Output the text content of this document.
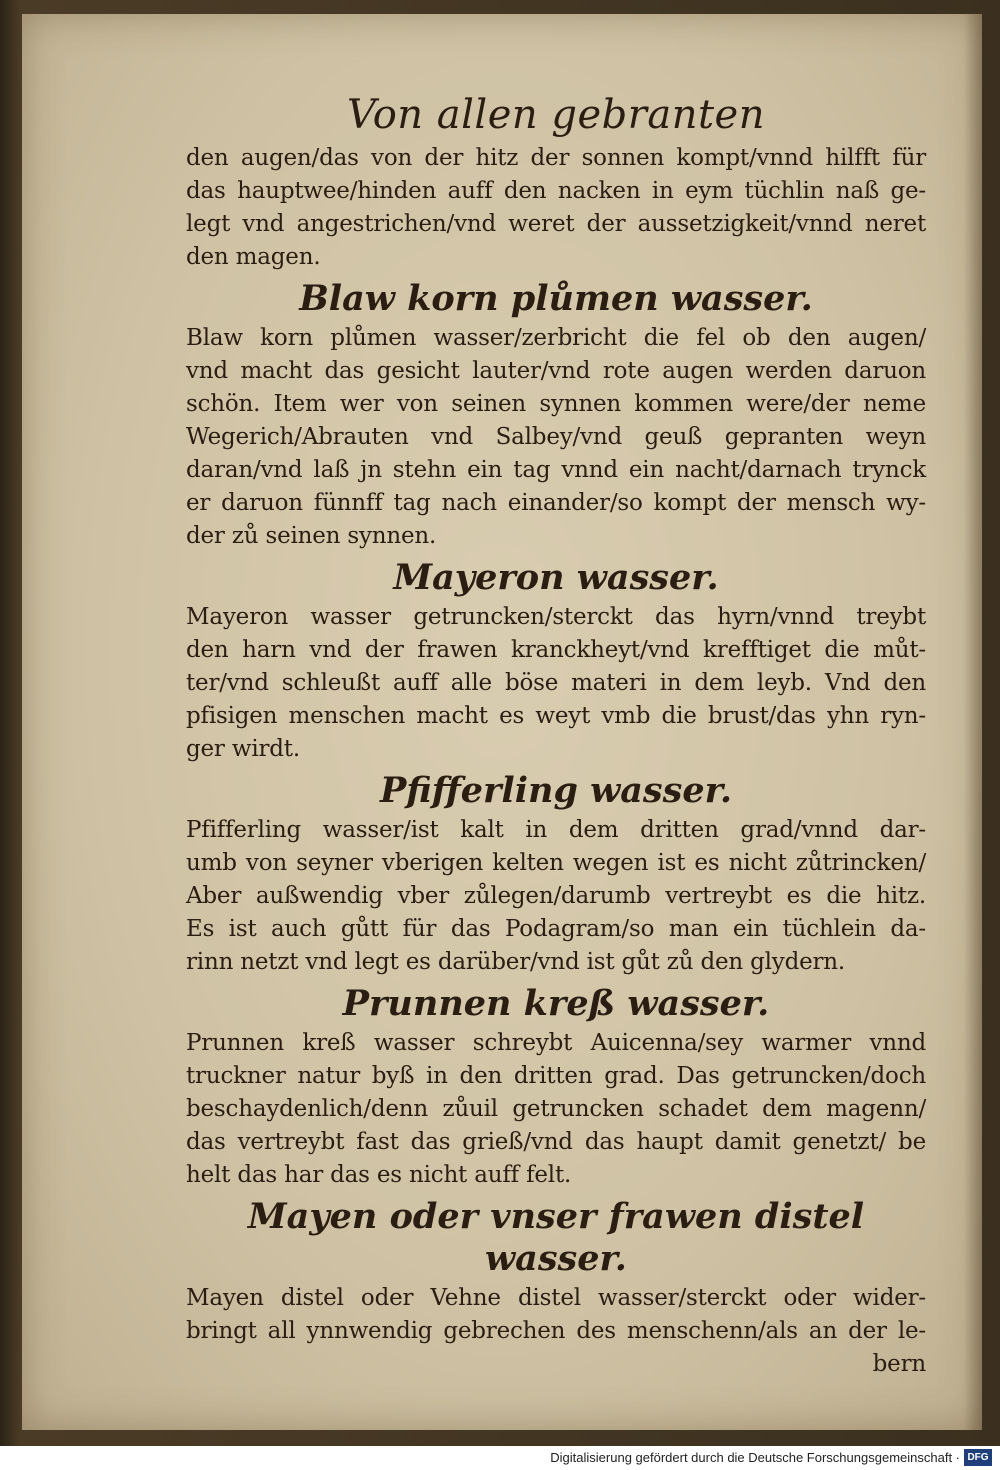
Von allen gebranten
den augen/das von der hitz der sonnen kompt/vnnd hilfft für
das hauptwee/hinden auff den nacken in eym tüchlin naß ge-
legt vnd angestrichen/vnd weret der aussetzigkeit/vnnd neret
den magen.
Blaw korn plůmen wasser.
Blaw korn plůmen wasser/zerbricht die fel ob den augen/
vnd macht das gesicht lauter/vnd rote augen werden daruon
schön. Item wer von seinen synnen kommen were/der neme
Wegerich/Abrauten vnd Salbey/vnd geuß gepranten weyn
daran/vnd laß jn stehn ein tag vnnd ein nacht/darnach trynck
er daruon fünnff tag nach einander/so kompt der mensch wy-
der zů seinen synnen.
Mayeron wasser.
Mayeron wasser getruncken/sterckt das hyrn/vnnd treybt
den harn vnd der frawen kranckheyt/vnd krefftiget die můt-
ter/vnd schleußt auff alle böse materi in dem leyb. Vnd den
pfisigen menschen macht es weyt vmb die brust/das yhn ryn-
ger wirdt.
Pfifferling wasser.
Pfifferling wasser/ist kalt in dem dritten grad/vnnd dar-
umb von seyner vberigen kelten wegen ist es nicht zůtrincken/
Aber außwendig vber zůlegen/darumb vertreybt es die hitz.
Es ist auch gůtt für das Podagram/so man ein tüchlein da-
rinn netzt vnd legt es darüber/vnd ist gůt zů den glydern.
Prunnen kreß wasser.
Prunnen kreß wasser schreybt Auicenna/sey warmer vnnd
truckner natur byß in den dritten grad. Das getruncken/doch
beschaydenlich/denn zůuil getruncken schadet dem magenn/
das vertreybt fast das grieß/vnd das haupt damit genetzt/ be
helt das har das es nicht auff felt.
Mayen oder vnser frawen distel wasser.
Mayen distel oder Vehne distel wasser/sterckt oder wider-
bringt all ynnwendig gebrechen des menschenn/als an der le-
bern
Digitalisierung gefördert durch die Deutsche Forschungsgemeinschaft · DFG
